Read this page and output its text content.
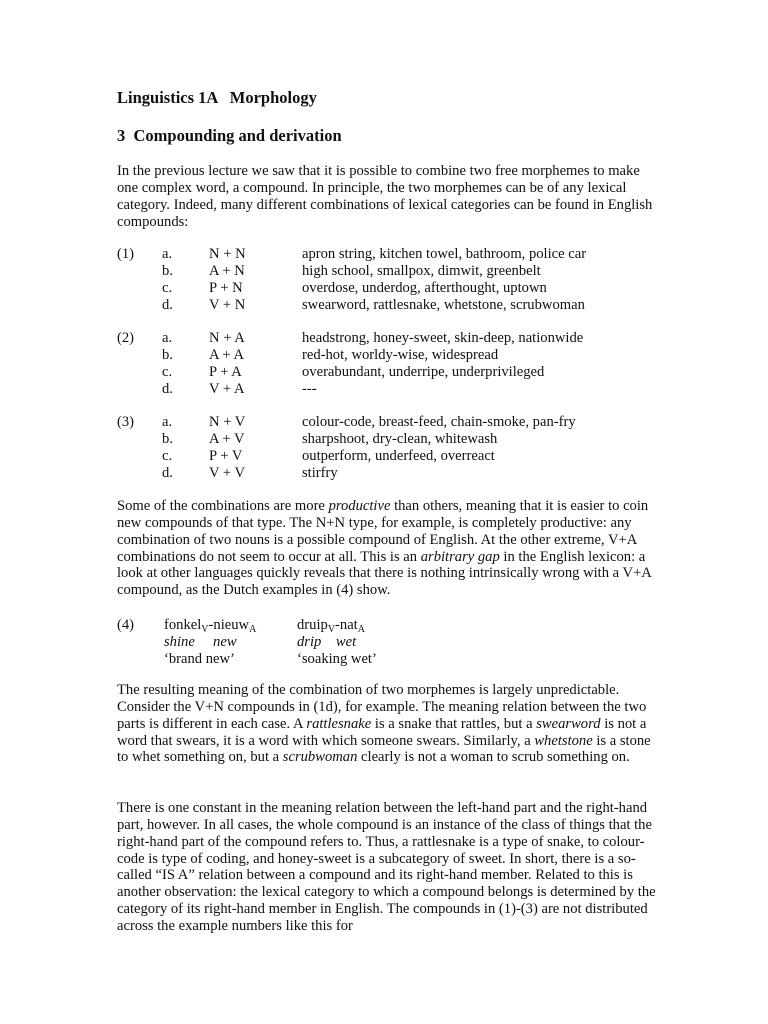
Linguistics 1A   Morphology
3  Compounding and derivation

In the previous lecture we saw that it is possible to combine two free morphemes to make one complex word, a compound. In principle, the two morphemes can be of any lexical category. Indeed, many different combinations of lexical categories can be found in English compounds:

(1) a.	N + N	apron string, kitchen towel, bathroom, police car
b. A + N	high school, smallpox, dimwit, greenbelt
c.	P + N	overdose, underdog, afterthought, uptown
d. V + N	swearword, rattlesnake, whetstone, scrubwoman
(2) a.	N + A	headstrong, honey-sweet, skin-deep, nationwide
b. A + A	red-hot, worldy-wise, widespread
c.	P + A	overabundant, underripe, underprivileged
d. V + A	---
(3) a.	N + V	colour-code, breast-feed, chain-smoke, pan-fry
b. A + V	sharpshoot, dry-clean, whitewash
c.	P + V	outperform, underfeed, overreact
d. V + V	stirfry

Some of the combinations are more productive than others, meaning that it is easier to coin new compounds of that type. The N+N type, for example, is completely productive: any combination of two nouns is a possible compound of English. At the other extreme, V+A combinations do not seem to occur at all. This is an arbitrary gap in the English lexicon: a look at other languages quickly reveals that there is nothing intrinsically wrong with a V+A compound, as the Dutch examples in (4) show.

(4) fonkel$_V$-nieuw$_A$	druip$_V$-nat$_A$
shine     new	drip    wet
‘brand new’	‘soaking wet’

The resulting meaning of the combination of two morphemes is largely unpredictable. Consider the V+N compounds in (1d), for example. The meaning relation between the two parts is different in each case. A rattlesnake is a snake that rattles, but a swearword is not a word that swears, it is a word with which someone swears. Similarly, a whetstone is a stone to whet something on, but a scrubwoman clearly is not a woman to scrub something on.

There is one constant in the meaning relation between the left-hand part and the right-hand part, however. In all cases, the whole compound is an instance of the class of things that the right-hand part of the compound refers to. Thus, a rattlesnake is a type of snake, to colour-code is type of coding, and honey-sweet is a subcategory of sweet. In short, there is a so-called “IS A” relation between a compound and its right-hand member. Related to this is another observation: the lexical category to which a compound belongs is determined by the category of its right-hand member in English. The compounds in (1)-(3) are not distributed across the example numbers like this for
